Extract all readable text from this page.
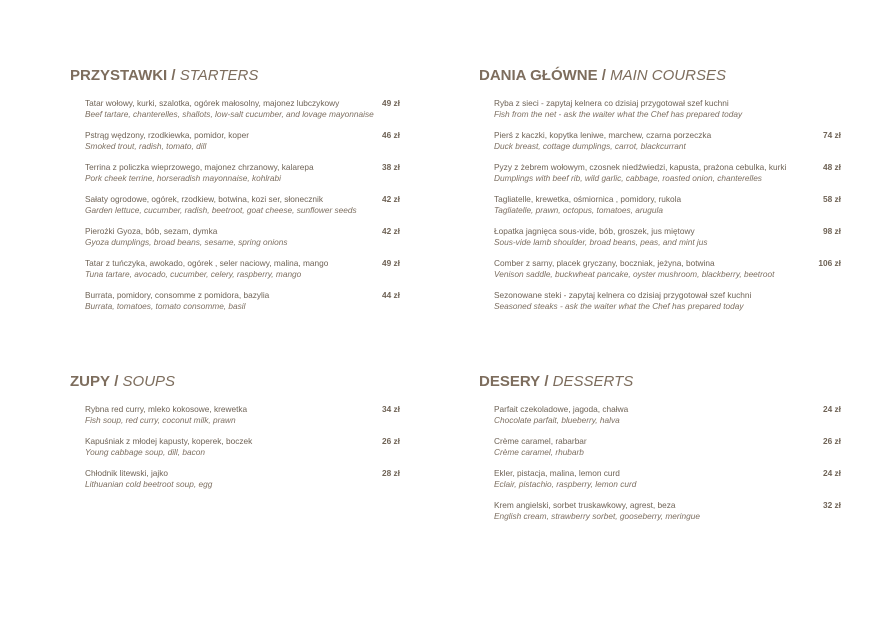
PRZYSTAWKI / STARTERS
Tatar wołowy, kurki, szalotka, ogórek małosolny, majonez lubczykowy
Beef tartare, chanterelles, shallots, low-salt cucumber, and lovage mayonnaise
49 zł
Pstrąg wędzony, rzodkiewka, pomidor, koper
Smoked trout, radish, tomato, dill
46 zł
Terrina z policzka wieprzowego, majonez chrzanowy, kalarepa
Pork cheek terrine, horseradish mayonnaise, kohlrabi
38 zł
Sałaty ogrodowe, ogórek, rzodkiew, botwina, kozi ser, słonecznik
Garden lettuce, cucumber, radish, beetroot, goat cheese, sunflower seeds
42 zł
Pierożki Gyoza, bób, sezam, dymka
Gyoza dumplings, broad beans, sesame, spring onions
42 zł
Tatar z tuńczyka, awokado, ogórek , seler naciowy, malina, mango
Tuna tartare, avocado, cucumber, celery, raspberry, mango
49 zł
Burrata, pomidory, consomme z pomidora, bazylia
Burrata, tomatoes, tomato consomme, basil
44 zł
DANIA GŁÓWNE / MAIN COURSES
Ryba z sieci - zapytaj kelnera co dzisiaj przygotował szef kuchni
Fish from the net - ask the waiter what the Chef has prepared today
Pierś z kaczki, kopytka leniwe, marchew, czarna porzeczka
Duck breast, cottage dumplings, carrot, blackcurrant
74 zł
Pyzy z żebrem wołowym, czosnek niedźwiedzi, kapusta, prażona cebulka, kurki
Dumplings with beef rib, wild garlic, cabbage, roasted onion, chanterelles
48 zł
Tagliatelle, krewetka, ośmiornica , pomidory, rukola
Tagliatelle, prawn, octopus, tomatoes, arugula
58 zł
Łopatka jagnięca sous-vide, bób, groszek, jus miętowy
Sous-vide lamb shoulder, broad beans, peas, and mint jus
98 zł
Comber z sarny, placek gryczany, boczniak, jeżyna, botwina
Venison saddle, buckwheat pancake, oyster mushroom, blackberry, beetroot
106 zł
Sezonowane steki - zapytaj kelnera co dzisiaj przygotował szef kuchni
Seasoned steaks - ask the waiter what the Chef has prepared today
ZUPY / SOUPS
Rybna red curry, mleko kokosowe, krewetka
Fish soup, red curry, coconut milk, prawn
34 zł
Kapuśniak z młodej kapusty, koperek, boczek
Young cabbage soup, dill, bacon
26 zł
Chłodnik litewski, jajko
Lithuanian cold beetroot soup, egg
28 zł
DESERY / DESSERTS
Parfait czekoladowe, jagoda, chałwa
Chocolate parfait, blueberry, halva
24 zł
Crème caramel, rabarbar
Crème caramel, rhubarb
26 zł
Ekler, pistacja, malina, lemon curd
Eclair, pistachio, raspberry, lemon curd
24 zł
Krem angielski, sorbet truskawkowy, agrest, beza
English cream, strawberry sorbet, gooseberry, meringue
32 zł
